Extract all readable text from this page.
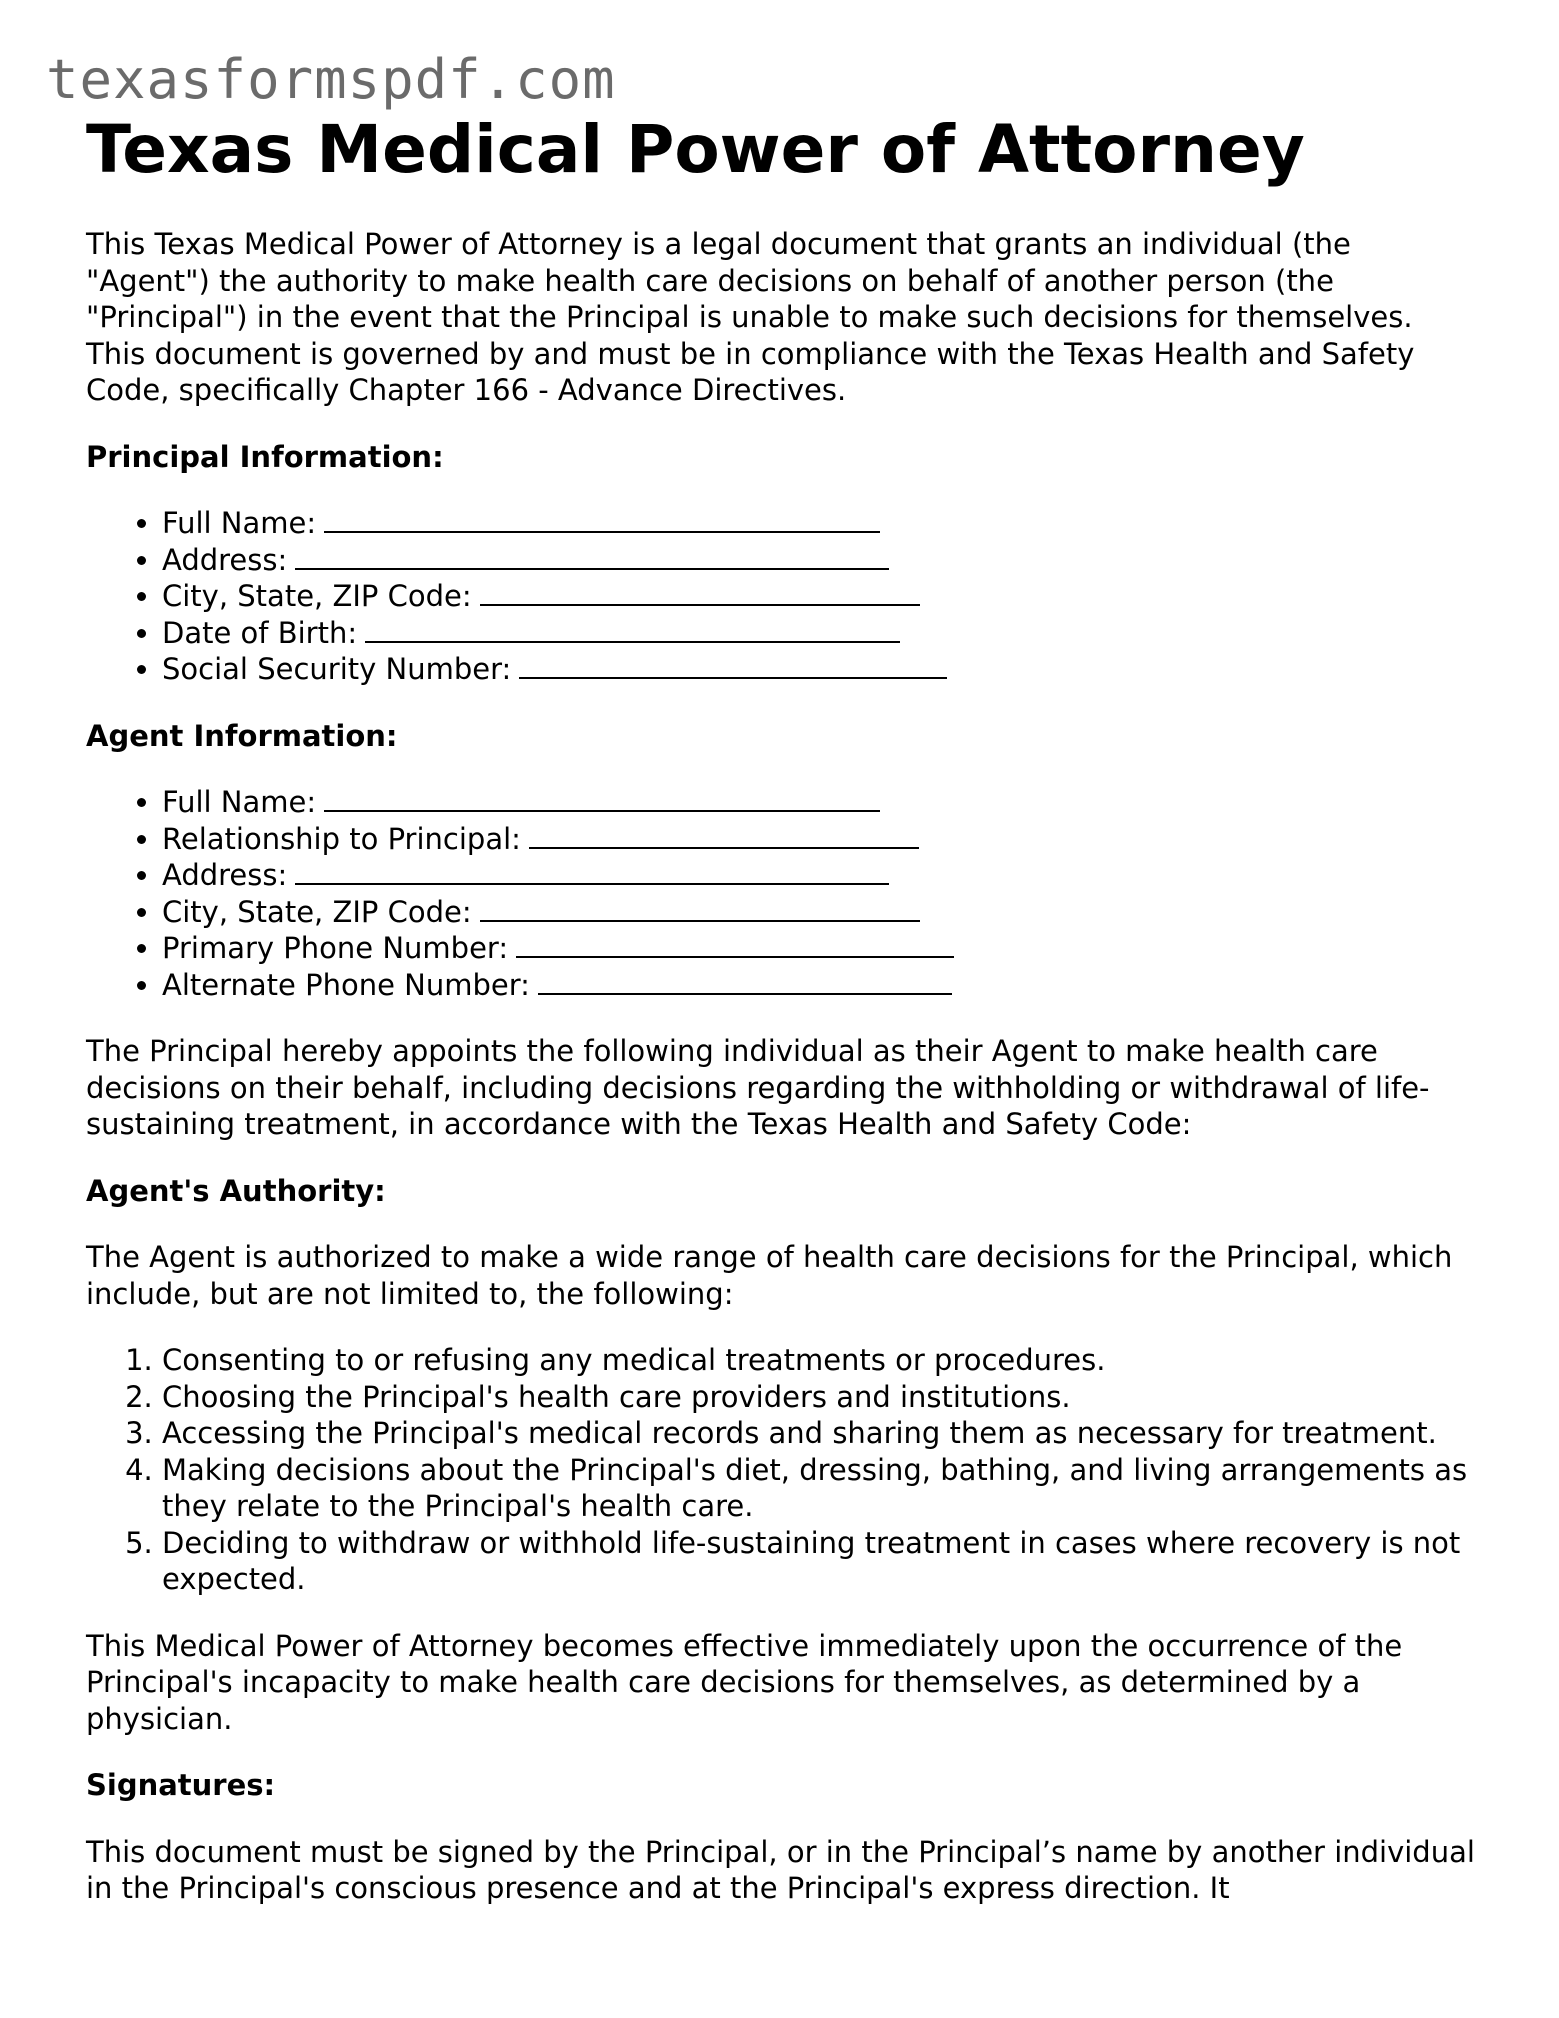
texasformspdf.com
Texas Medical Power of Attorney

This Texas Medical Power of Attorney is a legal document that grants an individual (the "Agent") the authority to make health care decisions on behalf of another person (the "Principal") in the event that the Principal is unable to make such decisions for themselves. This document is governed by and must be in compliance with the Texas Health and Safety Code, specifically Chapter 166 - Advance Directives.

Principal Information:
• Full Name:
• Address:
• City, State, ZIP Code:
• Date of Birth:
• Social Security Number:
Agent Information:
• Full Name:
• Relationship to Principal:
• Address:
• City, State, ZIP Code:
• Primary Phone Number:
• Alternate Phone Number:

The Principal hereby appoints the following individual as their Agent to make health care decisions on their behalf, including decisions regarding the withholding or withdrawal of life-sustaining treatment, in accordance with the Texas Health and Safety Code:

Agent's Authority:

The Agent is authorized to make a wide range of health care decisions for the Principal, which include, but are not limited to, the following:

1. Consenting to or refusing any medical treatments or procedures.
2. Choosing the Principal's health care providers and institutions.
3. Accessing the Principal's medical records and sharing them as necessary for treatment.
4. Making decisions about the Principal's diet, dressing, bathing, and living arrangements as they relate to the Principal's health care.
5. Deciding to withdraw or withhold life-sustaining treatment in cases where recovery is not expected.

This Medical Power of Attorney becomes effective immediately upon the occurrence of the Principal's incapacity to make health care decisions for themselves, as determined by a physician.

Signatures:

This document must be signed by the Principal, or in the Principal’s name by another individual in the Principal's conscious presence and at the Principal's express direction. It
